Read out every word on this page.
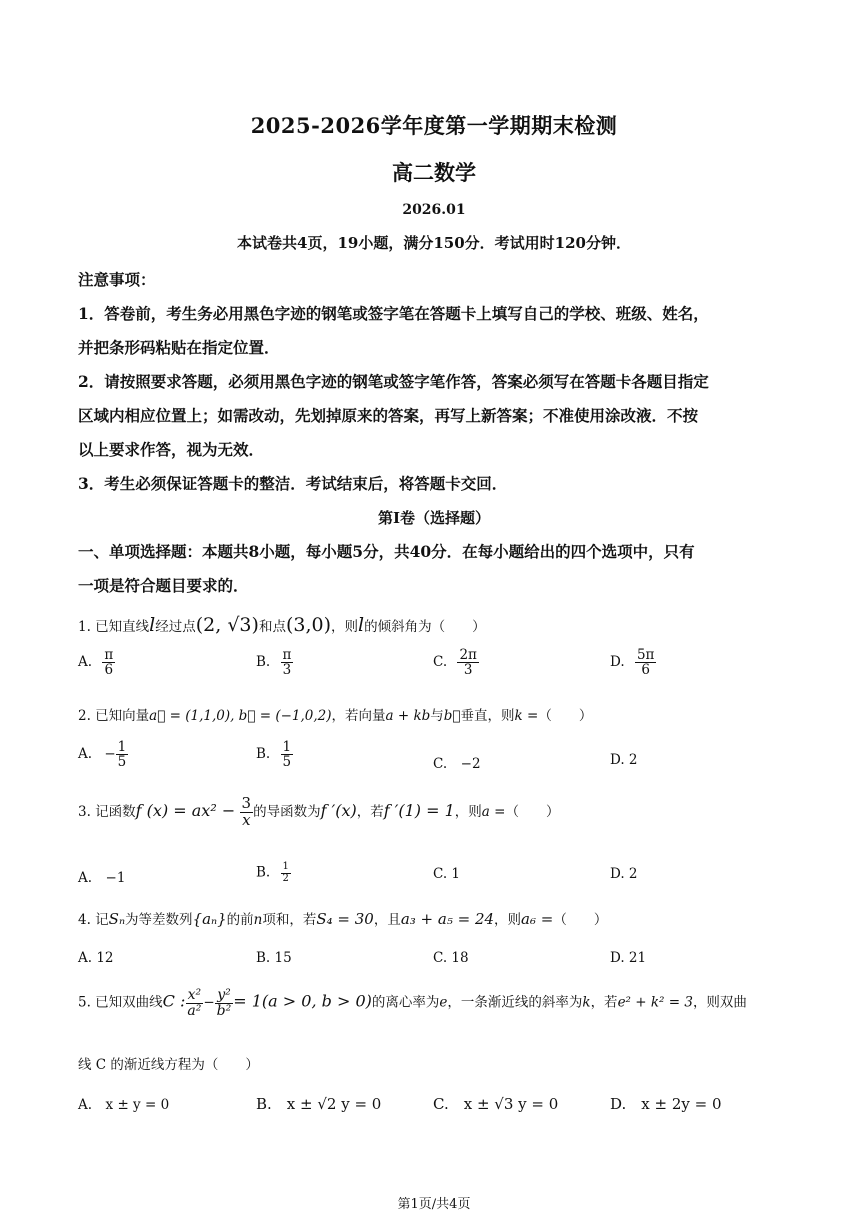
2025-2026学年度第一学期期末检测
高二数学
2026.01
本试卷共4页，19小题，满分150分．考试用时120分钟．
注意事项：
1．答卷前，考生务必用黑色字迹的钢笔或签字笔在答题卡上填写自己的学校、班级、姓名，
并把条形码粘贴在指定位置．
2．请按照要求答题，必须用黑色字迹的钢笔或签字笔作答，答案必须写在答题卡各题目指定
区域内相应位置上；如需改动，先划掉原来的答案，再写上新答案；不准使用涂改液．不按
以上要求作答，视为无效．
3．考生必须保证答题卡的整洁．考试结束后，将答题卡交回．
第Ⅰ卷（选择题）
一、单项选择题：本题共8小题，每小题5分，共40分．在每小题给出的四个选项中，只有
一项是符合题目要求的．
1. 已知直线l经过点(2, √3)和点(3,0)，则l的倾斜角为（　　）
A. $\frac{\pi}{6}$	B. $\frac{\pi}{3}$	C. $\frac{2\pi}{3}$	D. $\frac{5\pi}{6}$
2. 已知向量a⃗ = (1,1,0), b⃗ = (−1,0,2)，若向量a + kb与b⃗垂直，则k =（　　）
A. − $\frac{1}{5}$	B. $\frac{1}{5}$	C.　−2	D. 2
3. 记函数f $(x) = ax^2 - \frac{3}{x}$ 的导函数为f ′(x)，若f ′(1) = 1，则a =（　　）
A.　−1	B. $\frac{1}{2}$	C. 1	D. 2
4. 记Sₙ为等差数列{aₙ}的前n项和，若S₄ = 30，且a₃ + a₅ = 24，则a₆ =（　　）
A. 12	B. 15	C. 18	D. 21
5. 已知双曲线C : $\frac{\text{x²}}{\text{a²}} - \frac{\text{y²}}{\text{b²}} = 1(a > 0$, b > 0)的离心率为e，一条渐近线的斜率为k，若e² + k² = 3，则双曲
线 C 的渐近线方程为（　　）
A.　x ± y = 0	B.　x ± √2 y = 0	C.　x ± √3 y = 0	D.　x ± 2y = 0
第1页/共4页
